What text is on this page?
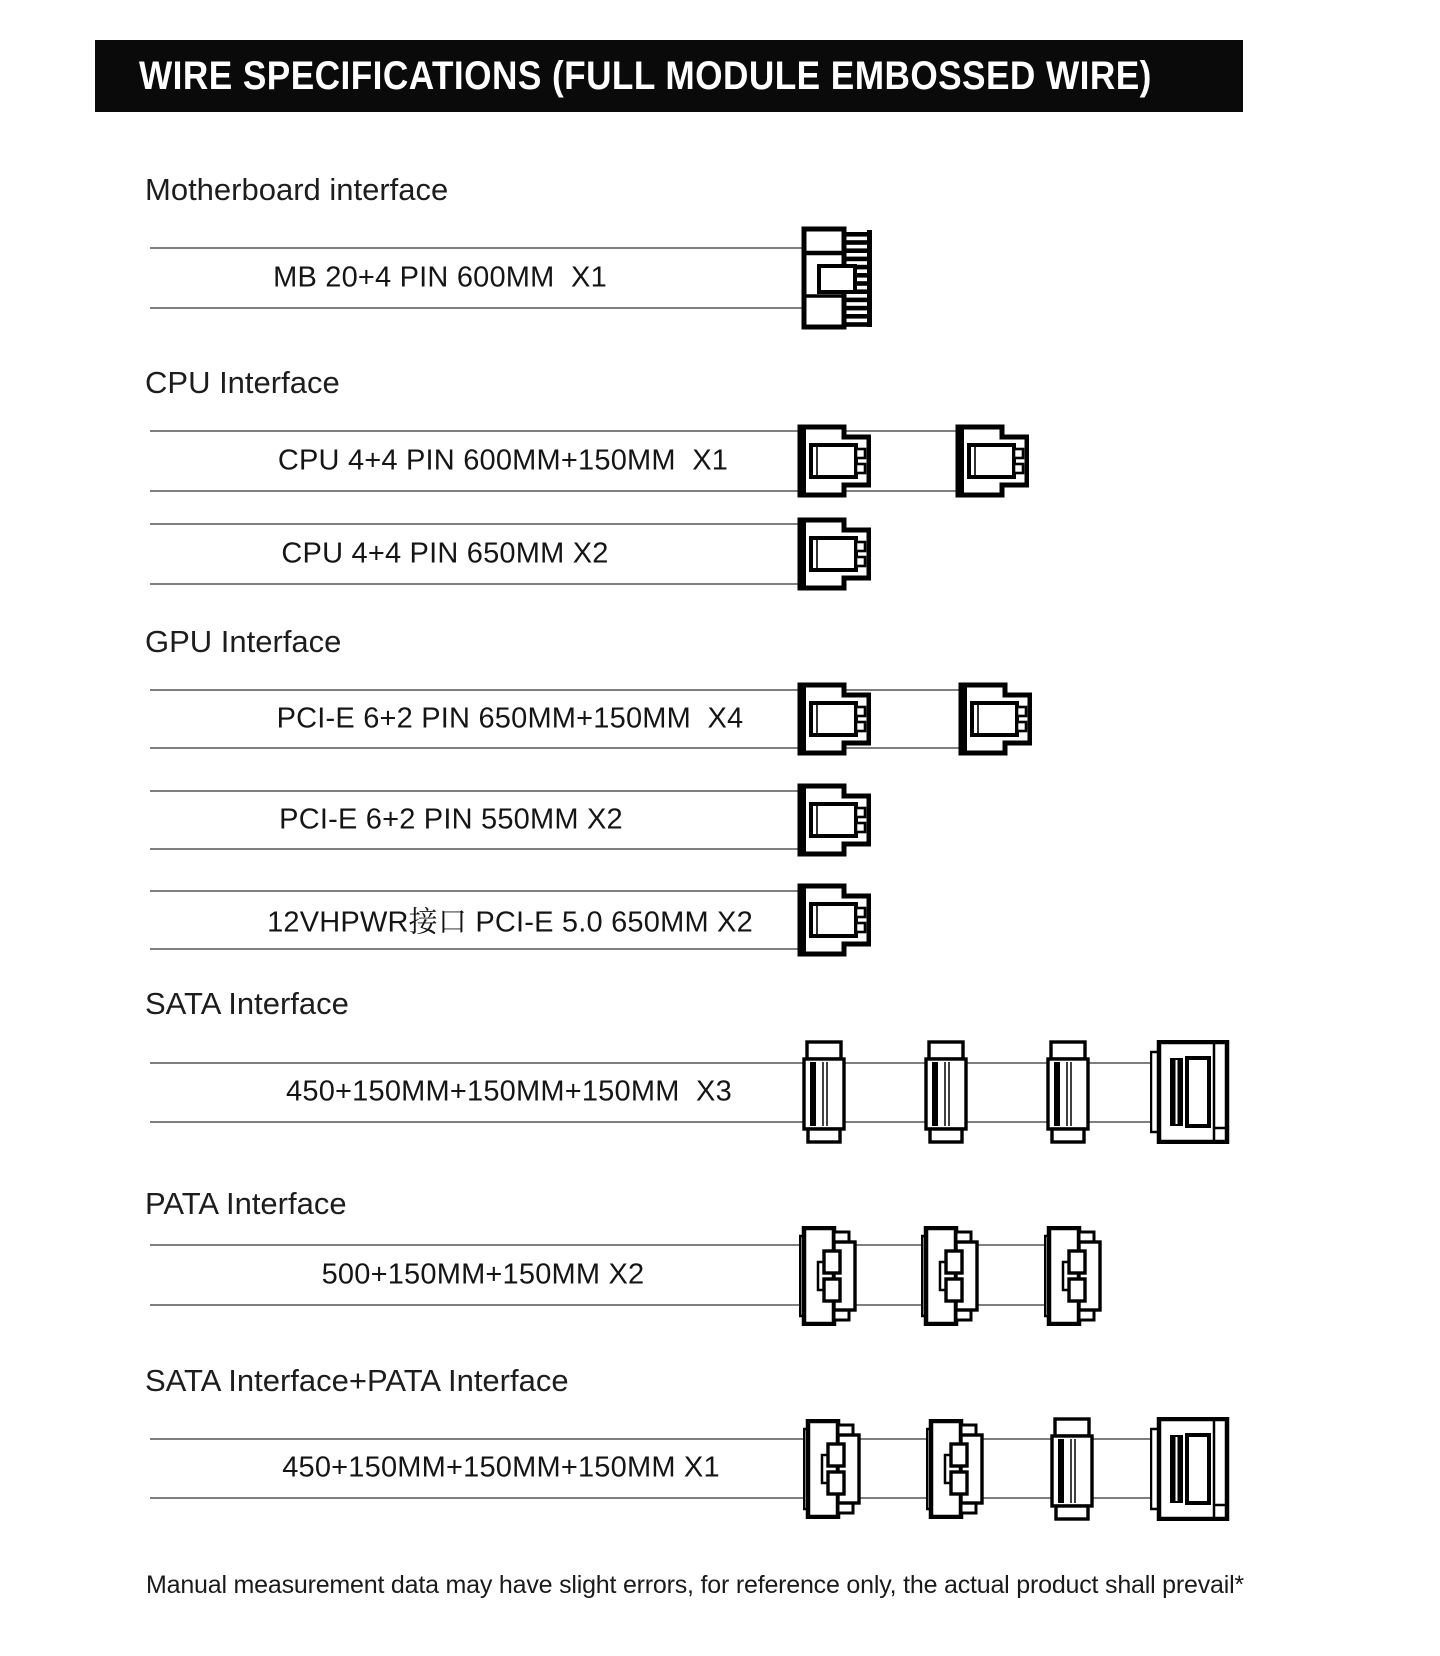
WIRE SPECIFICATIONS (FULL MODULE EMBOSSED WIRE)
Motherboard interface
CPU Interface
GPU Interface
SATA Interface
PATA Interface
SATA Interface+PATA Interface
MB 20+4 PIN 600MM  X1
CPU 4+4 PIN 600MM+150MM  X1
CPU 4+4 PIN 650MM X2
PCI-E 6+2 PIN 650MM+150MM  X4
PCI-E 6+2 PIN 550MM X2
12VHPWR接口 PCI-E 5.0 650MM X2
450+150MM+150MM+150MM  X3
500+150MM+150MM X2
450+150MM+150MM+150MM X1
Manual measurement data may have slight errors, for reference only, the actual product shall prevail*
